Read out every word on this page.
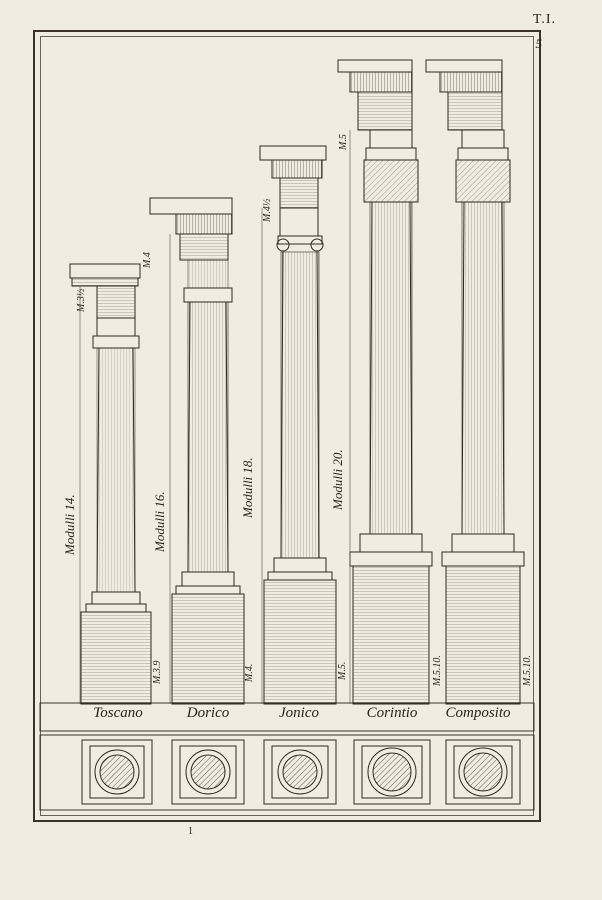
T.I.
5
Toscano	Dorico	Jonico	Corintio	Composito
Modulli 14.	Modulli 16.
Modulli 18.	Modulli 20.
M.3½
M.4
M.4½
M.5
M.3.9	M.4.	M.5.	M.5.10.	M.5.10.
1
